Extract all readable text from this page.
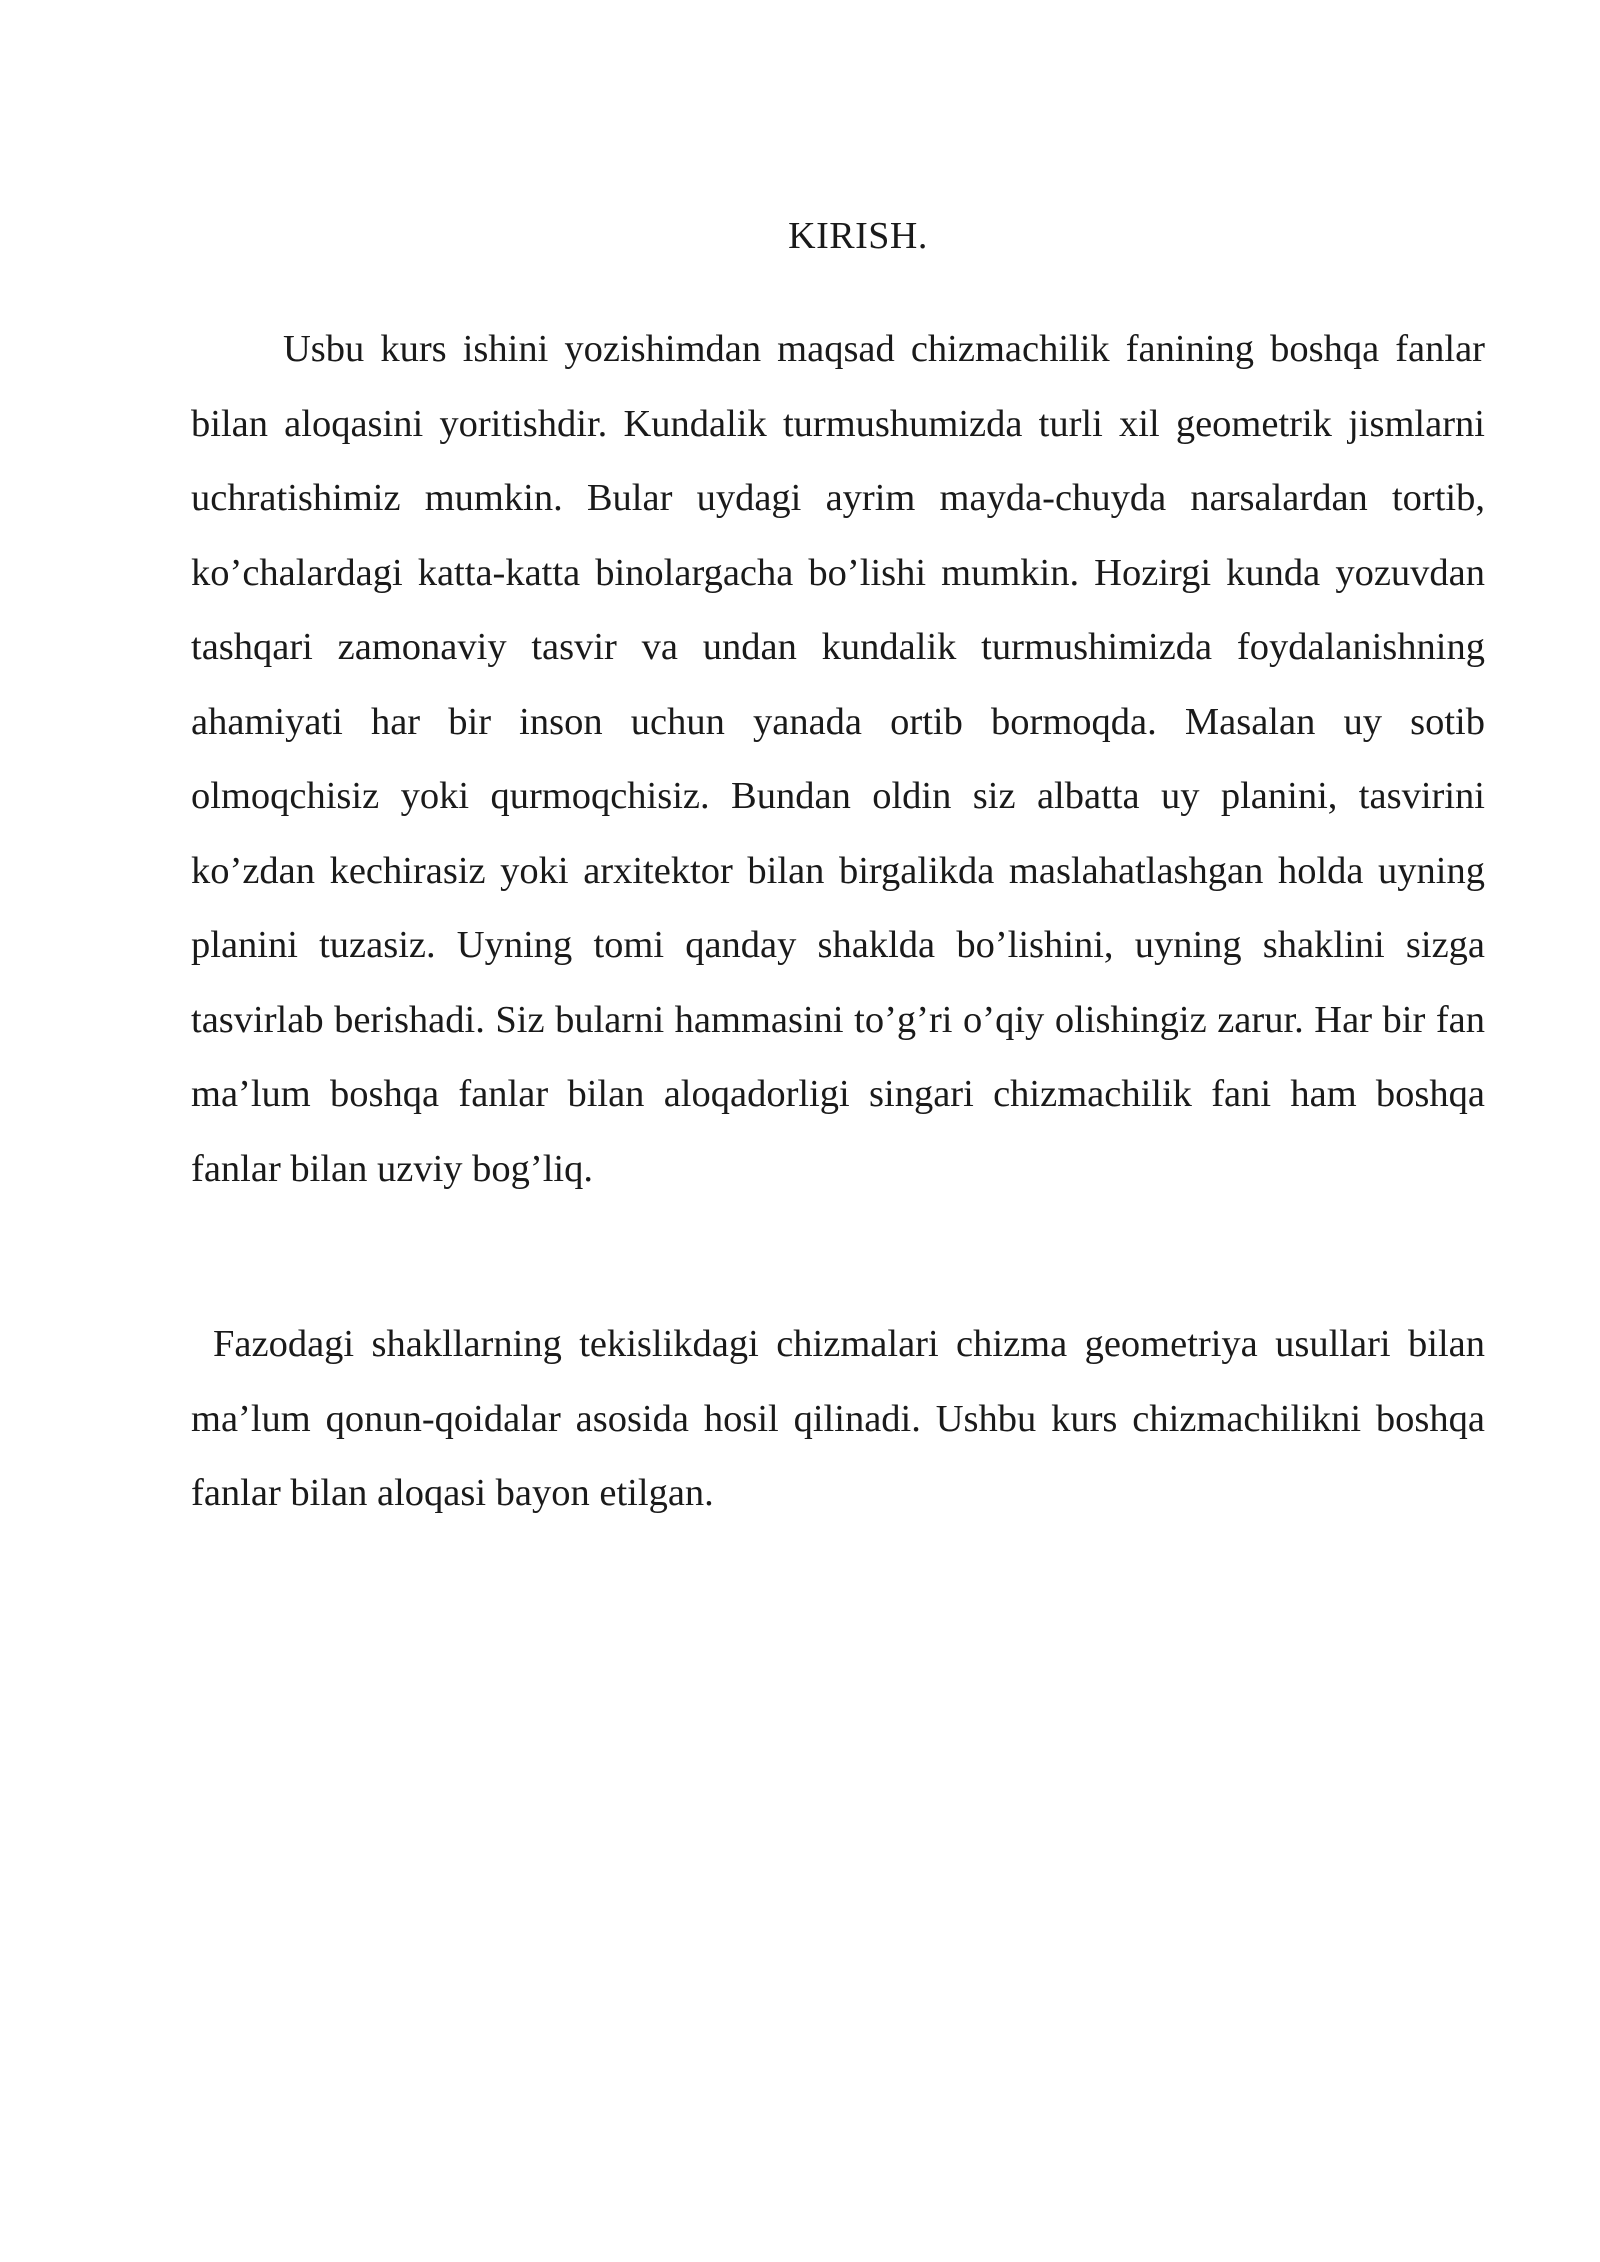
KIRISH.

Usbu kurs ishini yozishimdan maqsad chizmachilik fanining boshqa fanlar bilan aloqasini yoritishdir. Kundalik turmushumizda turli xil geometrik jismlarni uchratishimiz mumkin. Bular uydagi ayrim mayda-chuyda narsalardan tortib, ko’chalardagi katta-katta binolargacha bo’lishi mumkin. Hozirgi kunda yozuvdan tashqari zamonaviy tasvir va undan kundalik turmushimizda foydalanishning ahamiyati har bir inson uchun yanada ortib bormoqda. Masalan uy sotib olmoqchisiz yoki qurmoqchisiz. Bundan oldin siz albatta uy planini, tasvirini ko’zdan kechirasiz yoki arxitektor bilan birgalikda maslahatlashgan holda uyning planini tuzasiz. Uyning tomi qanday shaklda bo’lishini, uyning shaklini sizga tasvirlab berishadi. Siz bularni hammasini to’g’ri o’qiy olishingiz zarur. Har bir fan ma’lum boshqa fanlar bilan aloqadorligi singari chizmachilik fani ham boshqa fanlar bilan uzviy bog’liq.

Fazodagi shakllarning tekislikdagi chizmalari chizma geometriya usullari bilan ma’lum qonun-qoidalar asosida hosil qilinadi. Ushbu kurs chizmachilikni boshqa fanlar bilan aloqasi bayon etilgan.
